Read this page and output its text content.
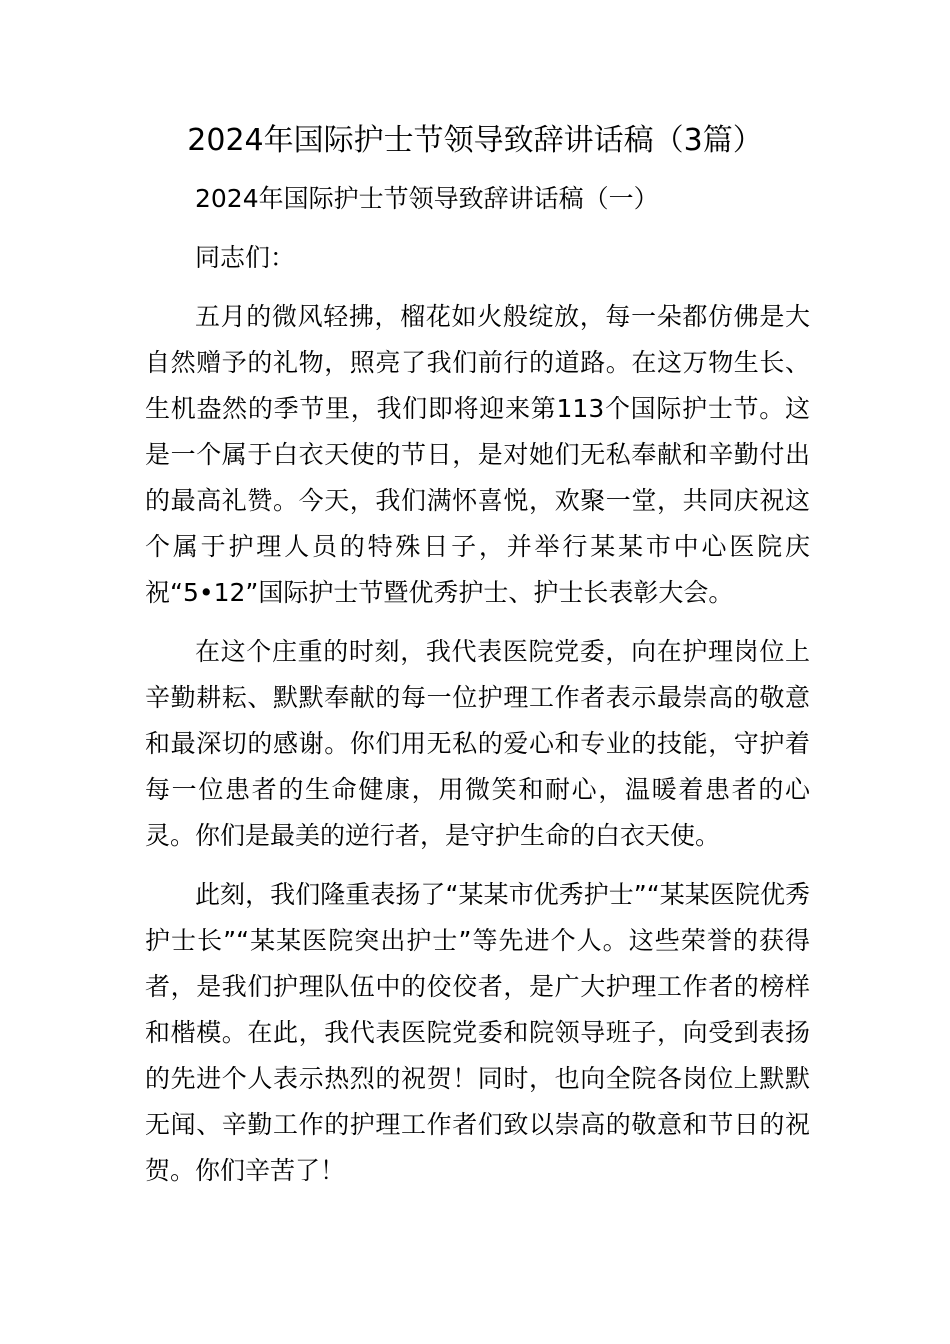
2024年国际护士节领导致辞讲话稿（3篇）

2024年国际护士节领导致辞讲话稿（一）

同志们：

五月的微风轻拂，榴花如火般绽放，每一朵都仿佛是大自然赠予的礼物，照亮了我们前行的道路。在这万物生长、生机盎然的季节里，我们即将迎来第113个国际护士节。这是一个属于白衣天使的节日，是对她们无私奉献和辛勤付出的最高礼赞。今天，我们满怀喜悦，欢聚一堂，共同庆祝这个属于护理人员的特殊日子，并举行某某市中心医院庆祝“5•12”国际护士节暨优秀护士、护士长表彰大会。

在这个庄重的时刻，我代表医院党委，向在护理岗位上辛勤耕耘、默默奉献的每一位护理工作者表示最崇高的敬意和最深切的感谢。你们用无私的爱心和专业的技能，守护着每一位患者的生命健康，用微笑和耐心，温暖着患者的心灵。你们是最美的逆行者，是守护生命的白衣天使。

此刻，我们隆重表扬了“某某市优秀护士”“某某医院优秀护士长”“某某医院突出护士”等先进个人。这些荣誉的获得者，是我们护理队伍中的佼佼者，是广大护理工作者的榜样和楷模。在此，我代表医院党委和院领导班子，向受到表扬的先进个人表示热烈的祝贺！同时，也向全院各岗位上默默无闻、辛勤工作的护理工作者们致以崇高的敬意和节日的祝贺。你们辛苦了！
